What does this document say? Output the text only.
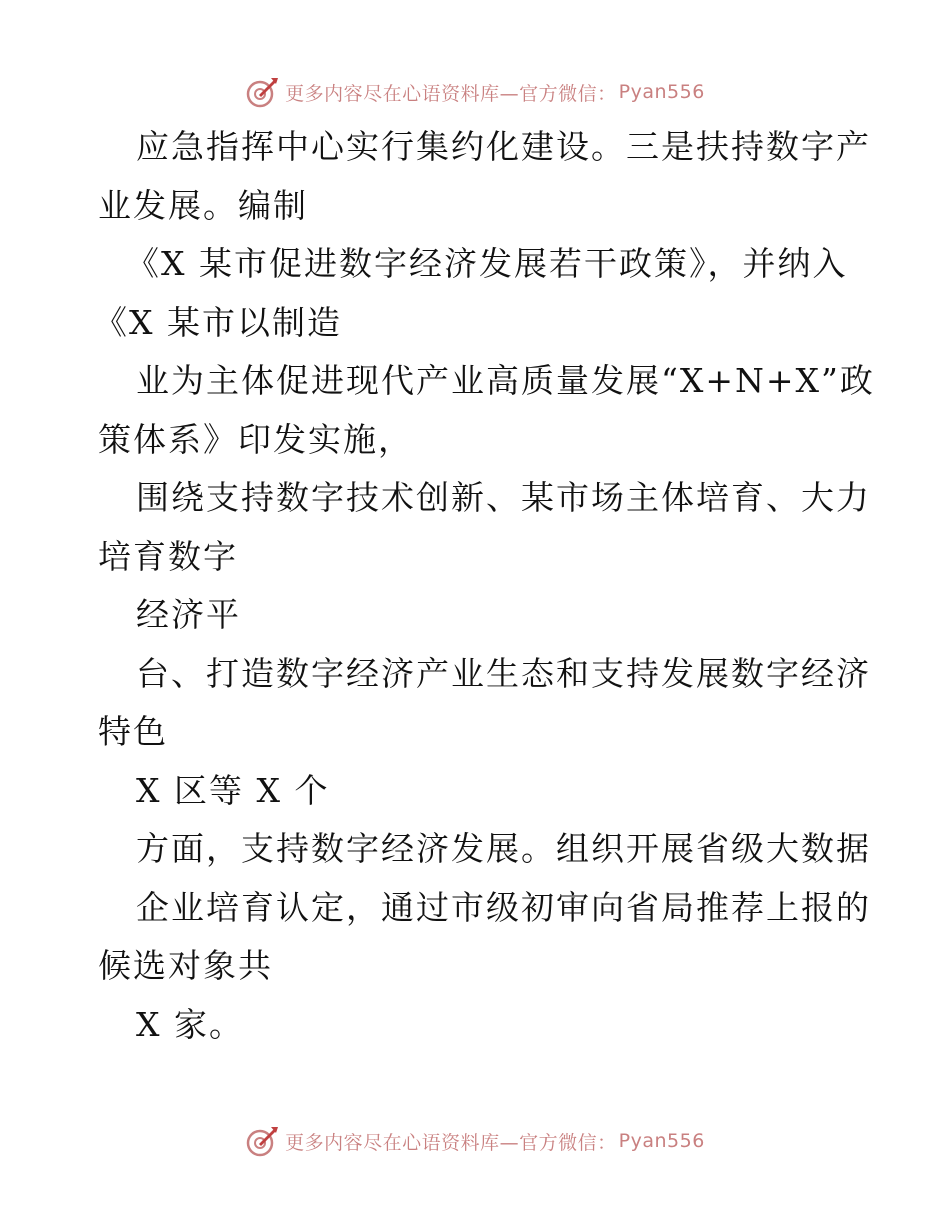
更多内容尽在心语资料库—官方微信： Pyan556
应急指挥中心实行集约化建设。三是扶持数字产
业发展。编制
《X 某市促进数字经济发展若干政策》，并纳入
《X 某市以制造
业为主体促进现代产业高质量发展“X+N+X”政
策体系》印发实施，
围绕支持数字技术创新、某市场主体培育、大力
培育数字
经济平
台、打造数字经济产业生态和支持发展数字经济
特色
X 区等 X 个
方面，支持数字经济发展。组织开展省级大数据
企业培育认定，通过市级初审向省局推荐上报的
候选对象共
X 家。
更多内容尽在心语资料库—官方微信： Pyan556
